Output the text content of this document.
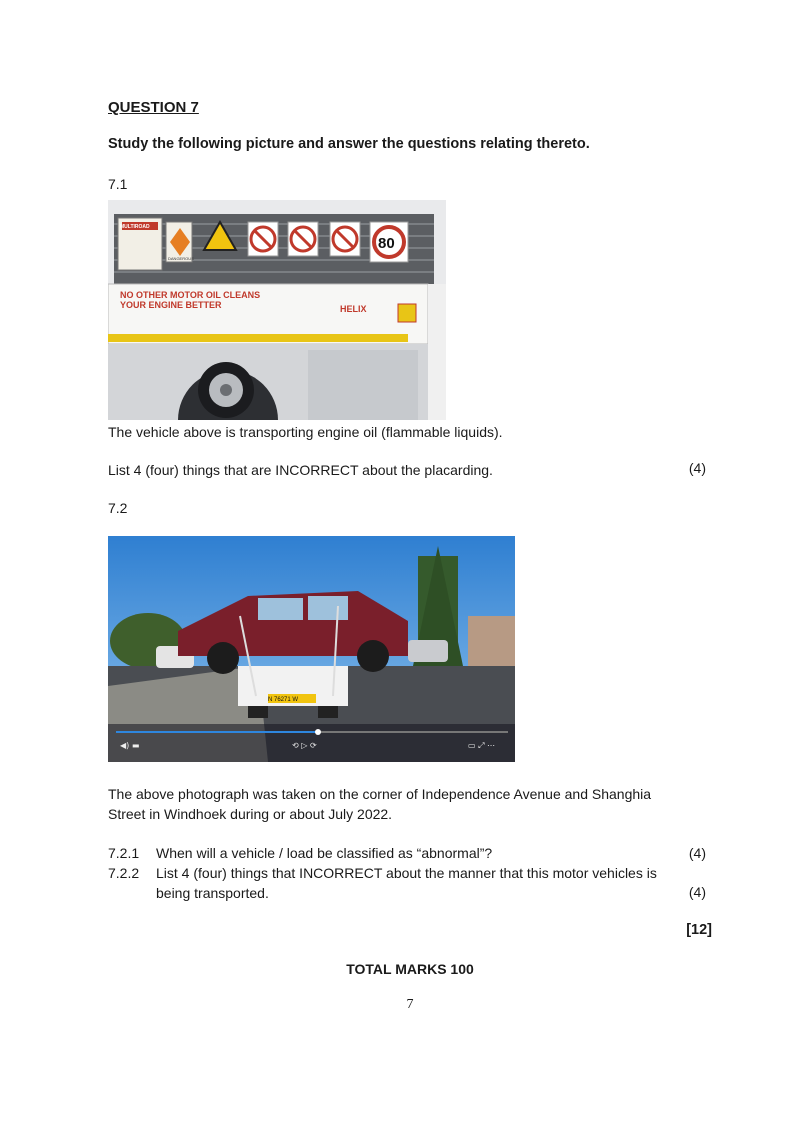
QUESTION 7
Study the following picture and answer the questions relating thereto.
7.1
MULTIROAD
DANGEROUS
80
NO OTHER MOTOR OIL CLEANS
YOUR ENGINE BETTER	HELIX
The vehicle above is transporting engine oil (flammable liquids).
List 4 (four) things that are INCORRECT about the placarding.	(4)
7.2
◀) ▬	⟲ ▷ ⟳	▭ ⤢ ⋯
N 76271 W
The above photograph was taken on the corner of Independence Avenue and Shanghia
Street in Windhoek during or about July 2022.
7.2.1 When will a vehicle / load be classified as “abnormal”?	(4)
7.2.2 List 4 (four) things that INCORRECT about the manner that this motor vehicles is
being transported.	(4)
[12]
TOTAL MARKS 100
7
